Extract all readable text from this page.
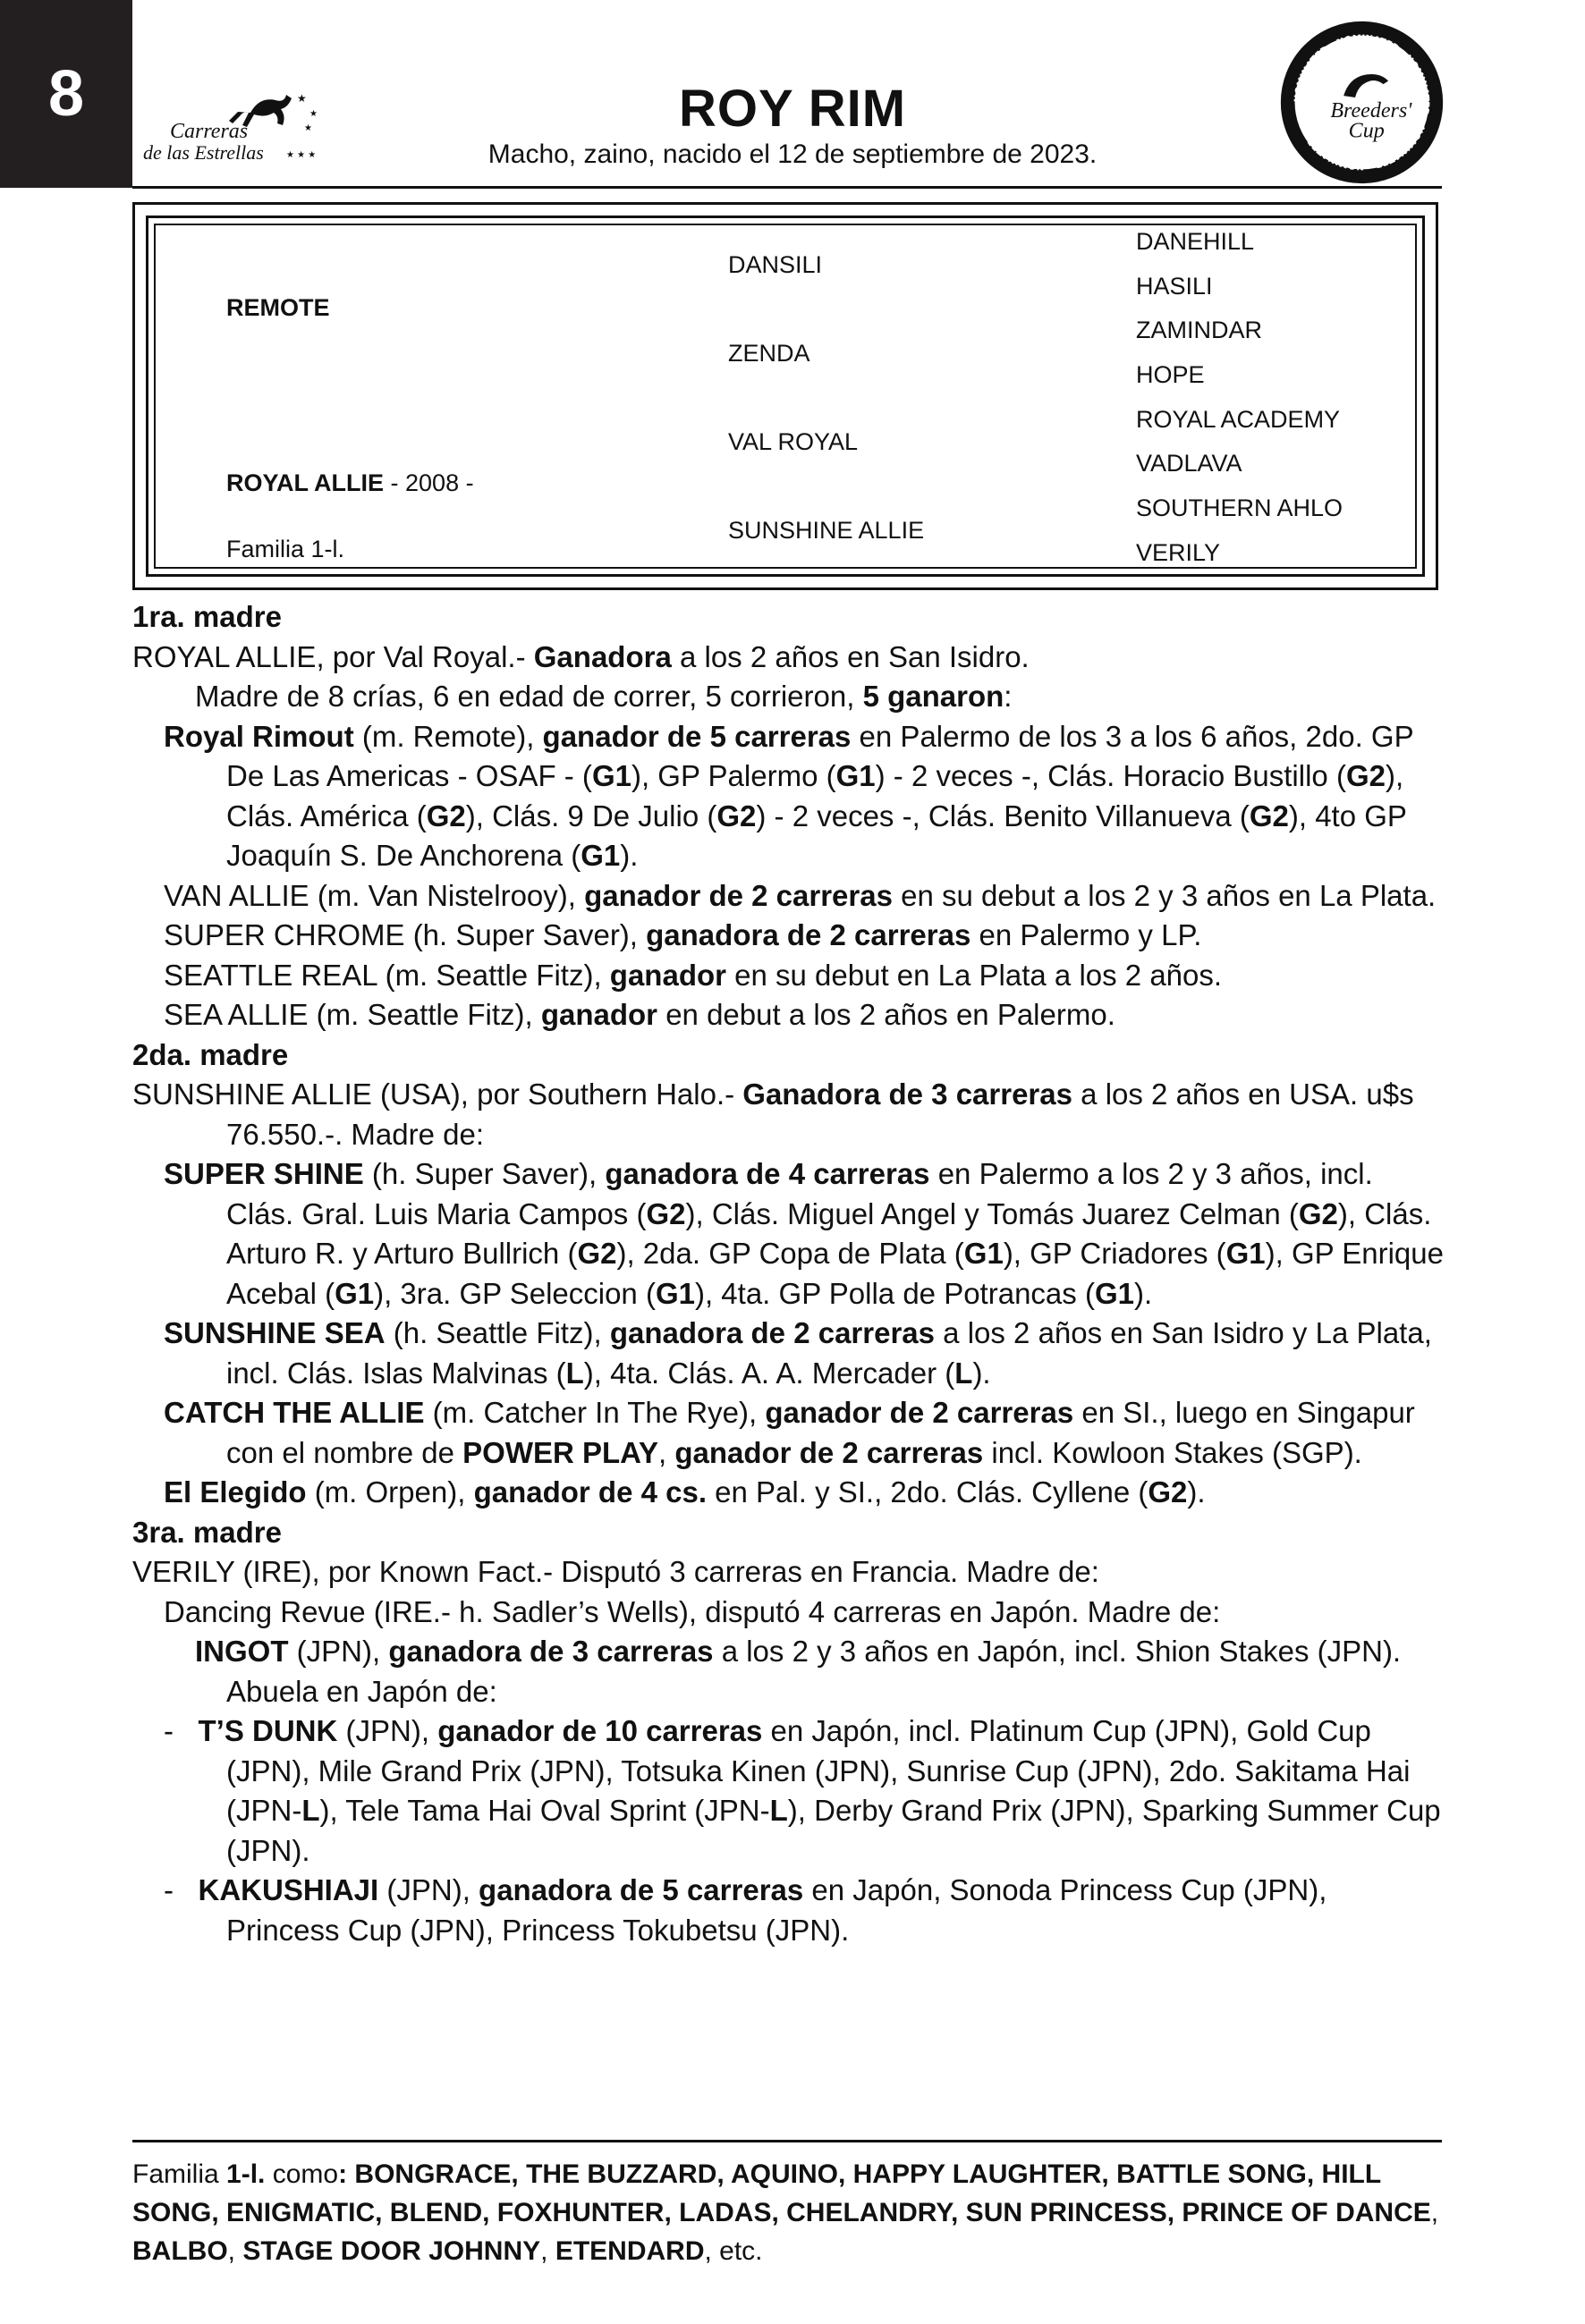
8	★
★
★
★ ★ ★
Carreras
de las Estrellas
NOMINATED · NOMINATED · NOMINATED · NOMINATED · NOMINATED ·
Breeders'
Cup
ROY RIM
Macho, zaino, nacido el 12 de septiembre de 2023.
REMOTE
ROYAL ALLIE - 2008 -
Familia 1-l.
DANSILI
ZENDA
VAL ROYAL
SUNSHINE ALLIE
DANEHILL
HASILI
ZAMINDAR
HOPE
ROYAL ACADEMY
VADLAVA
SOUTHERN AHLO
VERILY

1ra. madre

ROYAL ALLIE, por Val Royal.- Ganadora a los 2 años en San Isidro.

Madre de 8 crías, 6 en edad de correr, 5 corrieron, 5 ganaron:

Royal Rimout (m. Remote), ganador de 5 carreras en Palermo de los 3 a los 6 años, 2do. GP De Las Americas - OSAF - (G1), GP Palermo (G1) - 2 veces -, Clás. Horacio Bustillo (G2), Clás. América (G2), Clás. 9 De Julio (G2) - 2 veces -, Clás. Benito Villanueva (G2), 4to GP Joaquín S. De Anchorena (G1).

VAN ALLIE (m. Van Nistelrooy), ganador de 2 carreras en su debut a los 2 y 3 años en La Plata.

SUPER CHROME (h. Super Saver), ganadora de 2 carreras en Palermo y LP.

SEATTLE REAL (m. Seattle Fitz), ganador en su debut en La Plata a los 2 años.

SEA ALLIE (m. Seattle Fitz), ganador en debut a los 2 años en Palermo.

2da. madre

SUNSHINE ALLIE (USA), por Southern Halo.- Ganadora de 3 carreras a los 2 años en USA. u$s 76.550.-. Madre de:

SUPER SHINE (h. Super Saver), ganadora de 4 carreras en Palermo a los 2 y 3 años, incl. Clás. Gral. Luis Maria Campos (G2), Clás. Miguel Angel y Tomás Juarez Celman (G2), Clás. Arturo R. y Arturo Bullrich (G2), 2da. GP Copa de Plata (G1), GP Criadores (G1), GP Enrique Acebal (G1), 3ra. GP Seleccion (G1), 4ta. GP Polla de Potrancas (G1).

SUNSHINE SEA (h. Seattle Fitz), ganadora de 2 carreras a los 2 años en San Isidro y La Plata, incl. Clás. Islas Malvinas (L), 4ta. Clás. A. A. Mercader (L).

CATCH THE ALLIE (m. Catcher In The Rye), ganador de 2 carreras en SI., luego en Singapur con el nombre de POWER PLAY, ganador de 2 carreras incl. Kowloon Stakes (SGP).

El Elegido (m. Orpen), ganador de 4 cs. en Pal. y SI., 2do. Clás. Cyllene (G2).

3ra. madre

VERILY (IRE), por Known Fact.- Disputó 3 carreras en Francia. Madre de:

Dancing Revue (IRE.- h. Sadler’s Wells), disputó 4 carreras en Japón. Madre de:

INGOT (JPN), ganadora de 3 carreras a los 2 y 3 años en Japón, incl. Shion Stakes (JPN). Abuela en Japón de:

- T’S DUNK (JPN), ganador de 10 carreras en Japón, incl. Platinum Cup (JPN), Gold Cup (JPN), Mile Grand Prix (JPN), Totsuka Kinen (JPN), Sunrise Cup (JPN), 2do. Sakitama Hai (JPN-L), Tele Tama Hai Oval Sprint (JPN-L), Derby Grand Prix (JPN), Sparking Summer Cup (JPN).

- KAKUSHIAJI (JPN), ganadora de 5 carreras en Japón, Sonoda Princess Cup (JPN), Princess Cup (JPN), Princess Tokubetsu (JPN).

Familia 1-l. como: BONGRACE, THE BUZZARD, AQUINO, HAPPY LAUGHTER, BATTLE SONG, HILL SONG, ENIGMATIC, BLEND, FOXHUNTER, LADAS, CHELANDRY, SUN PRINCESS, PRINCE OF DANCE, BALBO, STAGE DOOR JOHNNY, ETENDARD, etc.
